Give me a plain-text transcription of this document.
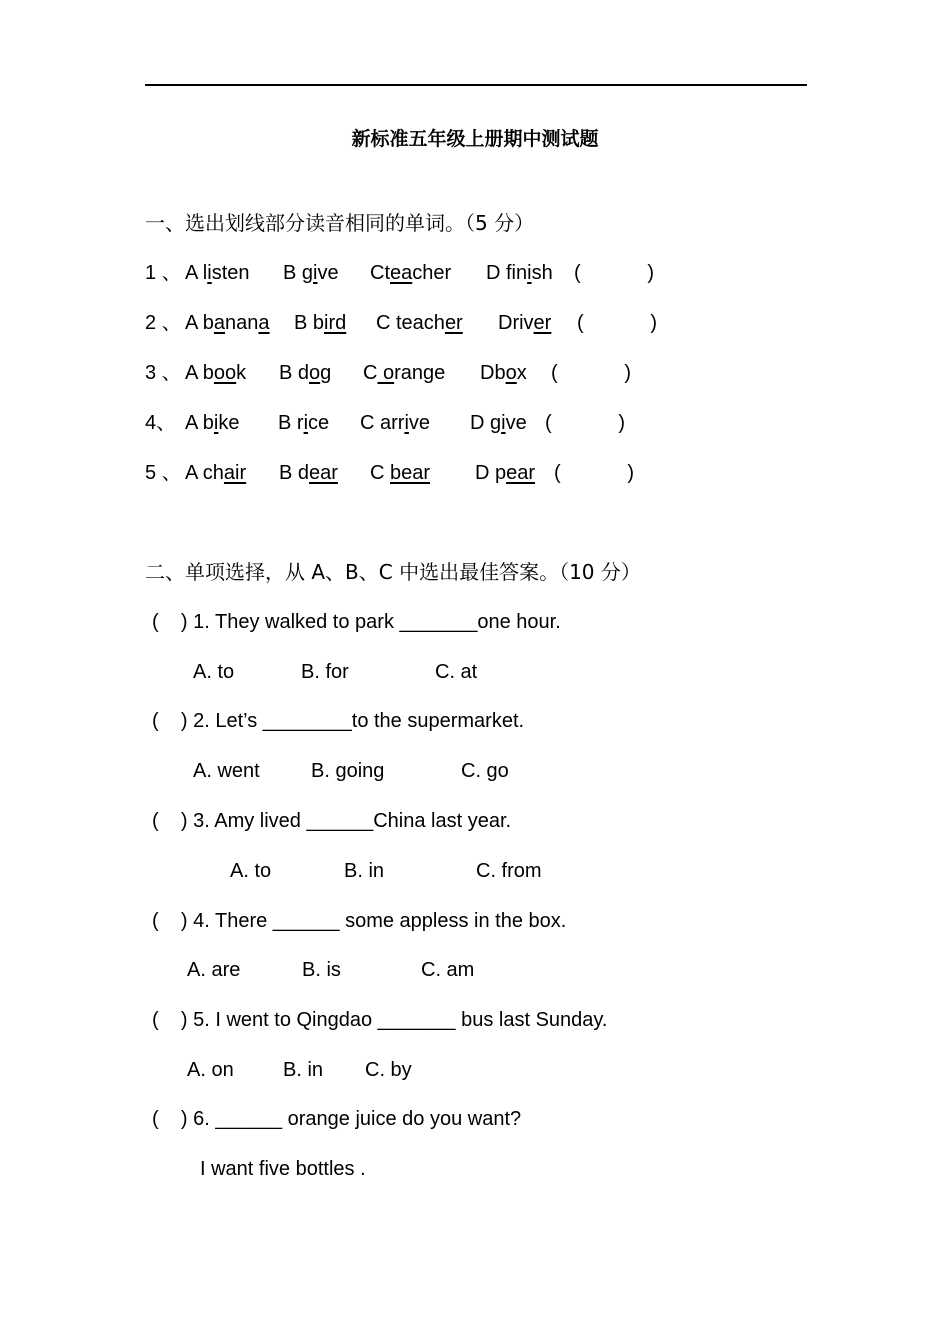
新标准五年级上册期中测试题
一、选出划线部分读音相同的单词。（5 分）
1 、 A listen B give Cteacher D finish (            )
2 、 A banana B bird C teacher Driver (            )
3 、 A book B dog C orange Dbox (            )
4、 A bike B rice C arrive D give (            )
5 、 A chair B dear C bear D pear (            )
二、单项选择，从 A、B、C 中选出最佳答案。（10 分）
(    ) 1. They walked to park _______one hour.
A. to	B. for	C. at
(    ) 2. Let’s ________to the supermarket.
A. went	B. going	C. go
(    ) 3. Amy lived ______China last year.
A. to	B. in	C. from
(    ) 4. There ______ some appless in the box.
A. are	B. is	C. am
(    ) 5. I went to Qingdao _______ bus last Sunday.
A. on B. in C. by
(    ) 6. ______ orange juice do you want?
I want five bottles .
